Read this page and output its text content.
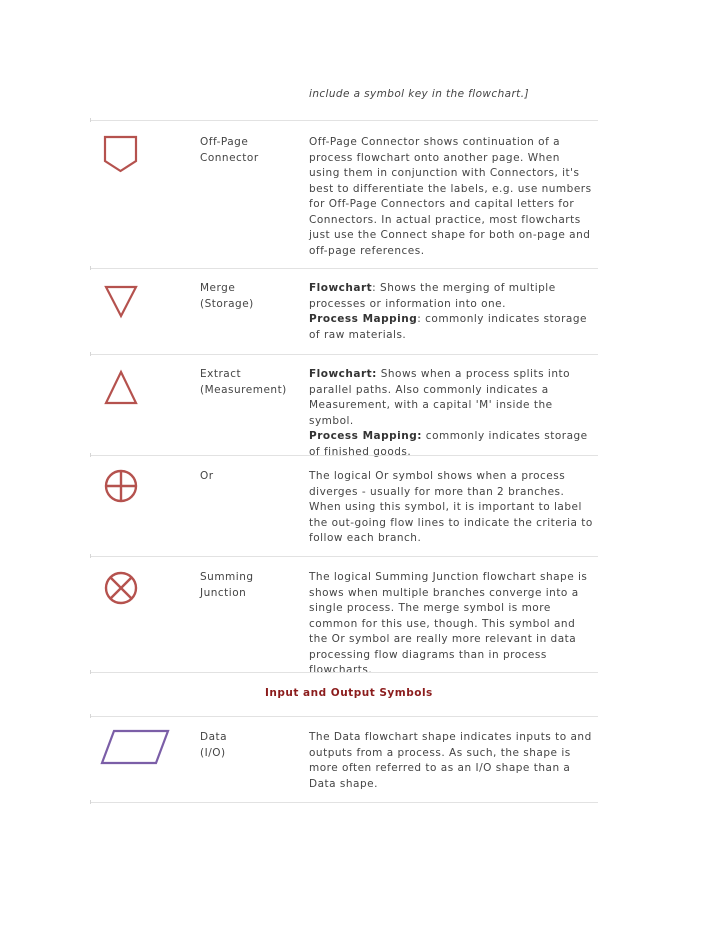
include a symbol key in the flowchart.]
Off-Page
Connector
Off-Page Connector shows continuation of a process flowchart onto another page. When using them in conjunction with Connectors, it's best to differentiate the labels, e.g. use numbers for Off-Page Connectors and capital letters for Connectors. In actual practice, most flowcharts just use the Connect shape for both on-page and off-page references.
Merge
(Storage)
Flowchart: Shows the merging of multiple processes or information into one.
Process Mapping: commonly indicates storage of raw materials.
Extract
(Measurement)
Flowchart: Shows when a process splits into parallel paths. Also commonly indicates a Measurement, with a capital 'M' inside the symbol.
Process Mapping: commonly indicates storage of finished goods.
Or	The logical Or symbol shows when a process diverges - usually for more than 2 branches. When using this symbol, it is important to label the out-going flow lines to indicate the criteria to follow each branch.
Summing
Junction
The logical Summing Junction flowchart shape is shows when multiple branches converge into a single process. The merge symbol is more common for this use, though. This symbol and the Or symbol are really more relevant in data processing flow diagrams than in process flowcharts.
Input and Output Symbols
Data
(I/O)
The Data flowchart shape indicates inputs to and outputs from a process. As such, the shape is more often referred to as an I/O shape than a Data shape.
